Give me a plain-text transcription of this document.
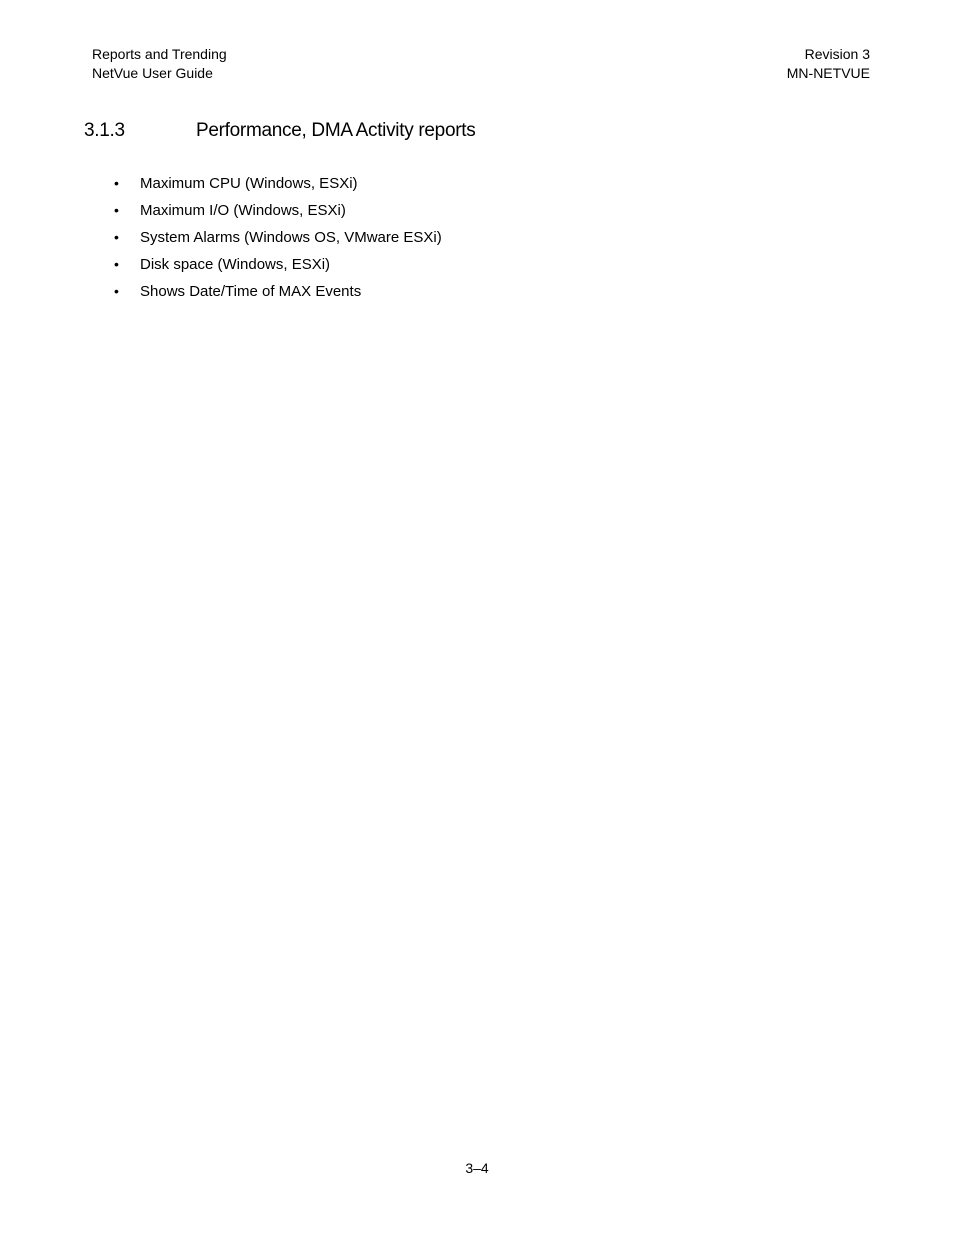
Reports and Trending
NetVue User Guide
Revision 3
MN-NETVUE
3.1.3	Performance, DMA Activity reports
• Maximum CPU (Windows, ESXi)
• Maximum I/O (Windows, ESXi)
• System Alarms (Windows OS, VMware ESXi)
• Disk space (Windows, ESXi)
• Shows Date/Time of MAX Events
3–4
